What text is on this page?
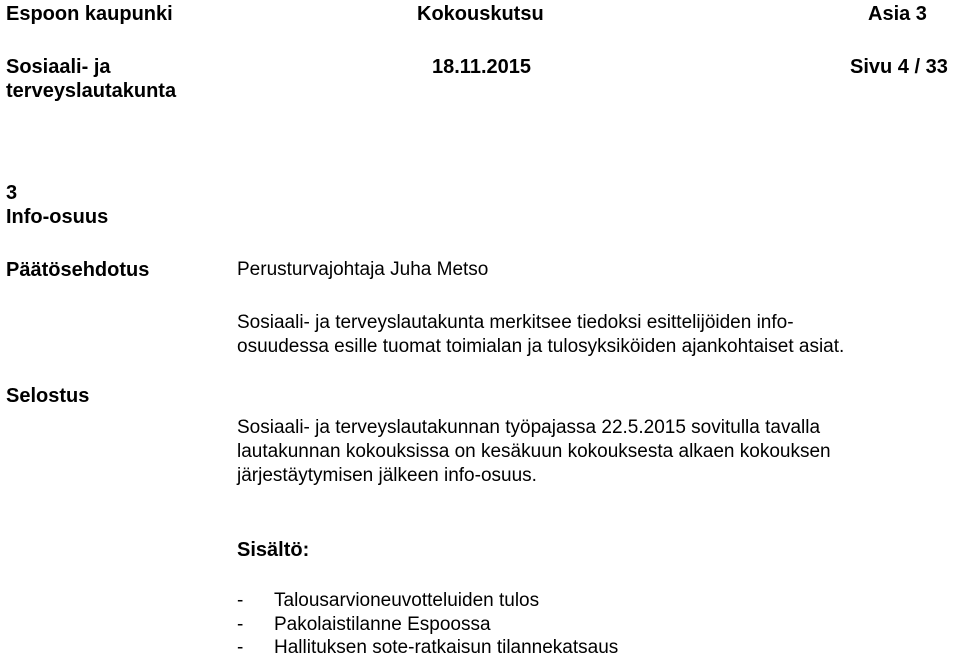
Espoon kaupunki	Kokouskutsu	Asia 3
Sosiaali- ja
terveyslautakunta
18.11.2015	Sivu 4 / 33
3
Info-osuus
Päätösehdotus	Perusturvajohtaja Juha Metso
Sosiaali- ja terveyslautakunta merkitsee tiedoksi esittelijöiden info-
osuudessa esille tuomat toimialan ja tulosyksiköiden ajankohtaiset asiat.
Selostus
Sosiaali- ja terveyslautakunnan työpajassa 22.5.2015 sovitulla tavalla
lautakunnan kokouksissa on kesäkuun kokouksesta alkaen kokouksen
järjestäytymisen jälkeen info-osuus.
Sisältö:
- Talousarvioneuvotteluiden tulos
- Pakolaistilanne Espoossa
- Hallituksen sote-ratkaisun tilannekatsaus
